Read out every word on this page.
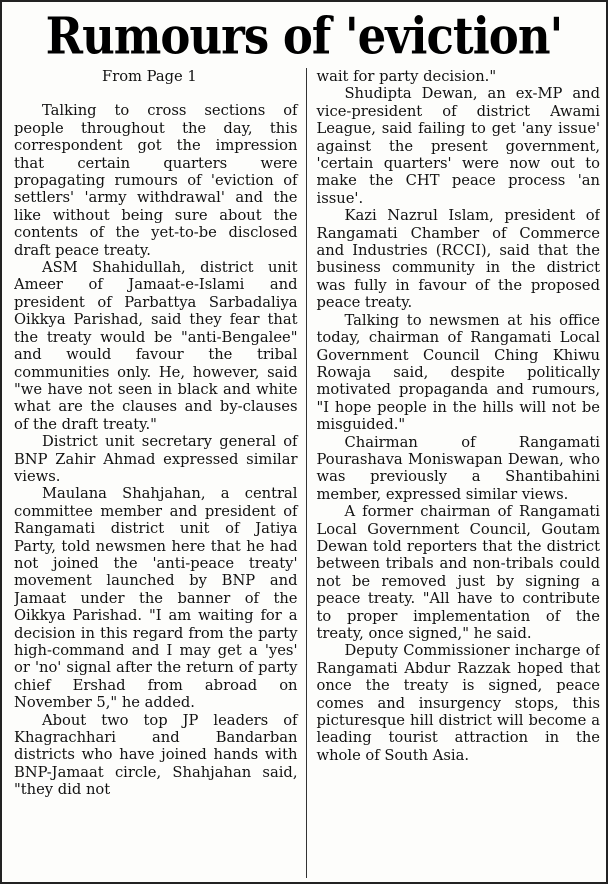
Rumours of 'eviction'

From Page 1

Talking to cross sections of people throughout the day, this correspondent got the impression that certain quarters were propagating rumours of 'eviction of settlers' 'army withdrawal' and the like without being sure about the contents of the yet-to-be disclosed draft peace treaty.

ASM Shahidullah, district unit Ameer of Jamaat-e-Islami and president of Parbattya Sarbadaliya Oikkya Parishad, said they fear that the treaty would be "anti-Bengalee" and would favour the tribal communities only. He, however, said "we have not seen in black and white what are the clauses and by-clauses of the draft treaty."

District unit secretary general of BNP Zahir Ahmad expressed similar views.

Maulana Shahjahan, a central committee member and president of Rangamati district unit of Jatiya Party, told newsmen here that he had not joined the 'anti-peace treaty' movement launched by BNP and Jamaat under the banner of the Oikkya Parishad. "I am waiting for a decision in this regard from the party high-command and I may get a 'yes' or 'no' signal after the return of party chief Ershad from abroad on November 5," he added.

About two top JP leaders of Khagrachhari and Bandarban districts who have joined hands with BNP-Jamaat circle, Shahjahan said, "they did not

wait for party decision."

Shudipta Dewan, an ex-MP and vice-president of district Awami League, said failing to get 'any issue' against the present government, 'certain quarters' were now out to make the CHT peace process 'an issue'.

Kazi Nazrul Islam, president of Rangamati Chamber of Commerce and Industries (RCCI), said that the business community in the district was fully in favour of the proposed peace treaty.

Talking to newsmen at his office today, chairman of Rangamati Local Government Council Ching Khiwu Rowaja said, despite politically motivated propaganda and rumours, "I hope people in the hills will not be misguided."

Chairman of Rangamati Pourashava Moniswapan Dewan, who was previously a Shantibahini member, expressed similar views.

A former chairman of Rangamati Local Government Council, Goutam Dewan told reporters that the district between tribals and non-tribals could not be removed just by signing a peace treaty. "All have to contribute to proper implementation of the treaty, once signed," he said.

Deputy Commissioner incharge of Rangamati Abdur Razzak hoped that once the treaty is signed, peace comes and insurgency stops, this picturesque hill district will become a leading tourist attraction in the whole of South Asia.
